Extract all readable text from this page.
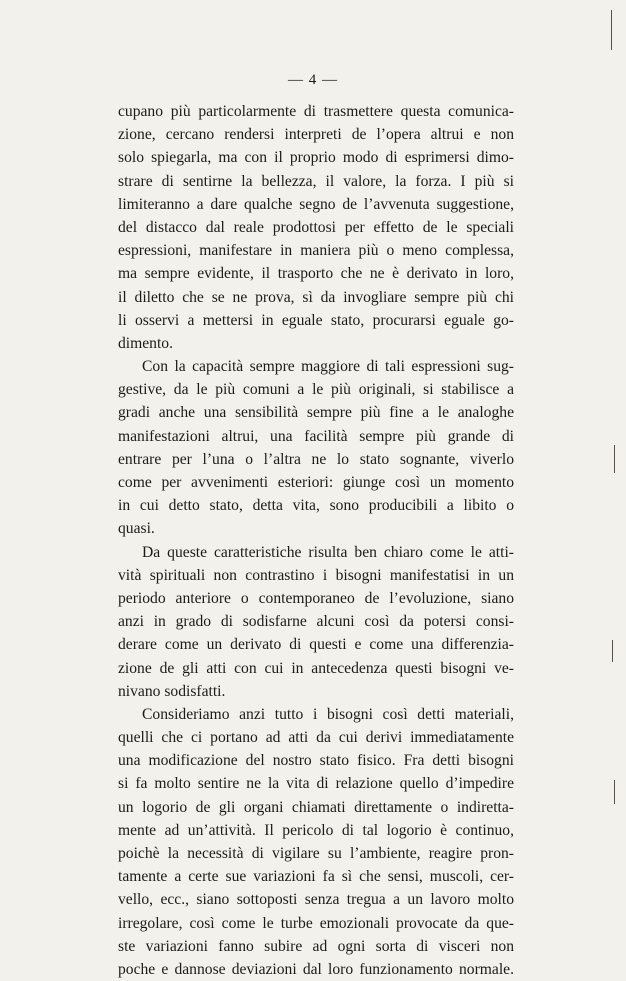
— 4 —
cupano più particolarmente di trasmettere questa comunica-
zione, cercano rendersi interpreti de l’opera altrui e non
solo spiegarla, ma con il proprio modo di esprimersi dimo-
strare di sentirne la bellezza, il valore, la forza. I più si
limiteranno a dare qualche segno de l’avvenuta suggestione,
del distacco dal reale prodottosi per effetto de le speciali
espressioni, manifestare in maniera più o meno complessa,
ma sempre evidente, il trasporto che ne è derivato in loro,
il diletto che se ne prova, sì da invogliare sempre più chi
li osservi a mettersi in eguale stato, procurarsi eguale go-
dimento.
Con la capacità sempre maggiore di tali espressioni sug-
gestive, da le più comuni a le più originali, si stabilisce a
gradi anche una sensibilità sempre più fine a le analoghe
manifestazioni altrui, una facilità sempre più grande di
entrare per l’una o l’altra ne lo stato sognante, viverlo
come per avvenimenti esteriori: giunge così un momento
in cui detto stato, detta vita, sono producibili a libito o
quasi.
Da queste caratteristiche risulta ben chiaro come le atti-
vità spirituali non contrastino i bisogni manifestatisi in un
periodo anteriore o contemporaneo de l’evoluzione, siano
anzi in grado di sodisfarne alcuni così da potersi consi-
derare come un derivato di questi e come una differenzia-
zione de gli atti con cui in antecedenza questi bisogni ve-
nivano sodisfatti.
Consideriamo anzi tutto i bisogni così detti materiali,
quelli che ci portano ad atti da cui derivi immediatamente
una modificazione del nostro stato fisico. Fra detti bisogni
si fa molto sentire ne la vita di relazione quello d’impedire
un logorio de gli organi chiamati direttamente o indiretta-
mente ad un’attività. Il pericolo di tal logorio è continuo,
poichè la necessità di vigilare su l’ambiente, reagire pron-
tamente a certe sue variazioni fa sì che sensi, muscoli, cer-
vello, ecc., siano sottoposti senza tregua a un lavoro molto
irregolare, così come le turbe emozionali provocate da que-
ste variazioni fanno subire ad ogni sorta di visceri non
poche e dannose deviazioni dal loro funzionamento normale.
